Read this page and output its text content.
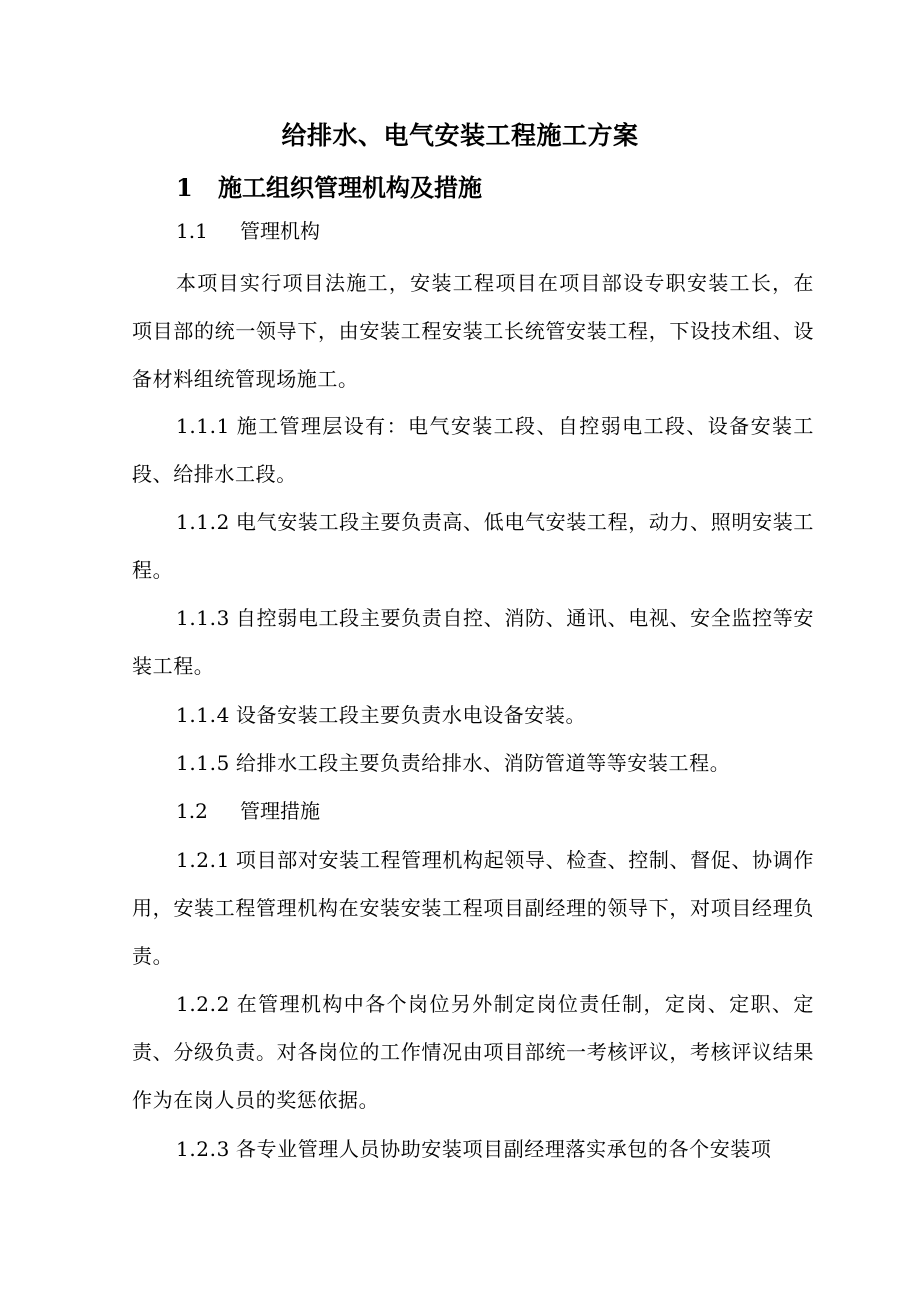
给排水、电气安装工程施工方案
1 施工组织管理机构及措施
1.1 管理机构
本项目实行项目法施工，安装工程项目在项目部设专职安装工长，在项目部的统一领导下，由安装工程安装工长统管安装工程，下设技术组、设备材料组统管现场施工。
1.1.1 施工管理层设有：电气安装工段、自控弱电工段、设备安装工段、给排水工段。
1.1.2 电气安装工段主要负责高、低电气安装工程，动力、照明安装工程。
1.1.3 自控弱电工段主要负责自控、消防、通讯、电视、安全监控等安装工程。
1.1.4 设备安装工段主要负责水电设备安装。
1.1.5 给排水工段主要负责给排水、消防管道等等安装工程。
1.2 管理措施
1.2.1 项目部对安装工程管理机构起领导、检查、控制、督促、协调作用，安装工程管理机构在安装安装工程项目副经理的领导下，对项目经理负责。
1.2.2 在管理机构中各个岗位另外制定岗位责任制，定岗、定职、定责、分级负责。对各岗位的工作情况由项目部统一考核评议，考核评议结果作为在岗人员的奖惩依据。
1.2.3 各专业管理人员协助安装项目副经理落实承包的各个安装项
